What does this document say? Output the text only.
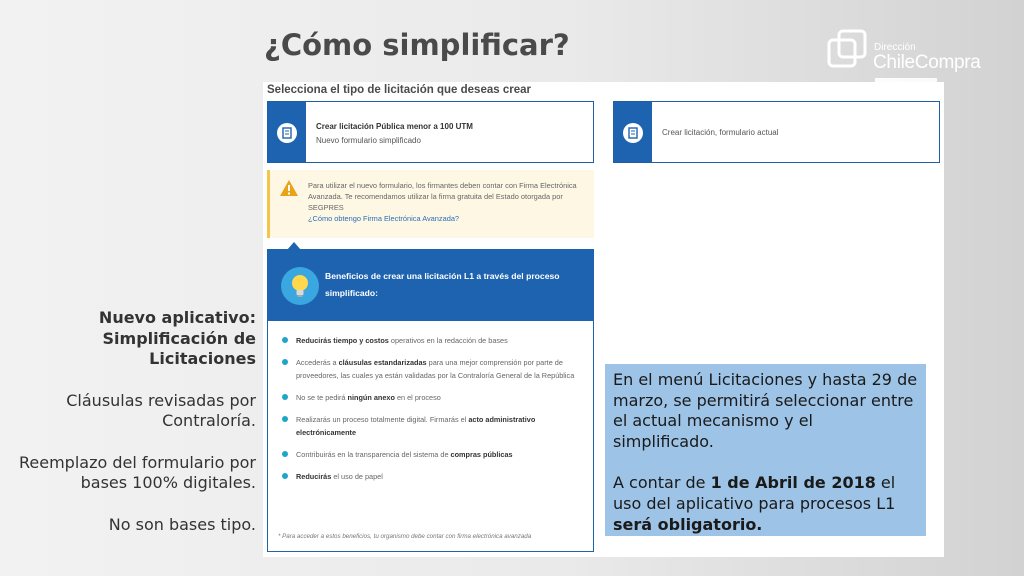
¿Cómo simplificar?	Dirección
ChileCompra
Selecciona el tipo de licitación que deseas crear
Crear licitación Pública menor a 100 UTM
Nuevo formulario simplificado
Crear licitación, formulario actual
Para utilizar el nuevo formulario, los firmantes deben contar con Firma Electrónica Avanzada. Te recomendamos utilizar la firma gratuita del Estado otorgada por SEGPRES
¿Cómo obtengo Firma Electrónica Avanzada?
Beneficios de crear una licitación L1 a través del proceso simplificado:
Reducirás tiempo y costos operativos en la redacción de bases
Accederás a cláusulas estandarizadas para una mejor comprensión por parte de proveedores, las cuales ya están validadas por la Contraloría General de la República
No se te pedirá ningún anexo en el proceso
Realizarás un proceso totalmente digital. Firmarás el acto administrativo electrónicamente
Contribuirás en la transparencia del sistema de compras públicas
Reducirás el uso de papel
* Para acceder a estos beneficios, tu organismo debe contar con firma electrónica avanzada

Nuevo aplicativo: Simplificación de Licitaciones

Cláusulas revisadas por Contraloría.

Reemplazo del formulario por bases 100% digitales.

No son bases tipo.

En el menú Licitaciones y hasta 29 de marzo, se permitirá seleccionar entre el actual mecanismo y el simplificado.

A contar de 1 de Abril de 2018 el uso del aplicativo para procesos L1 será obligatorio.
